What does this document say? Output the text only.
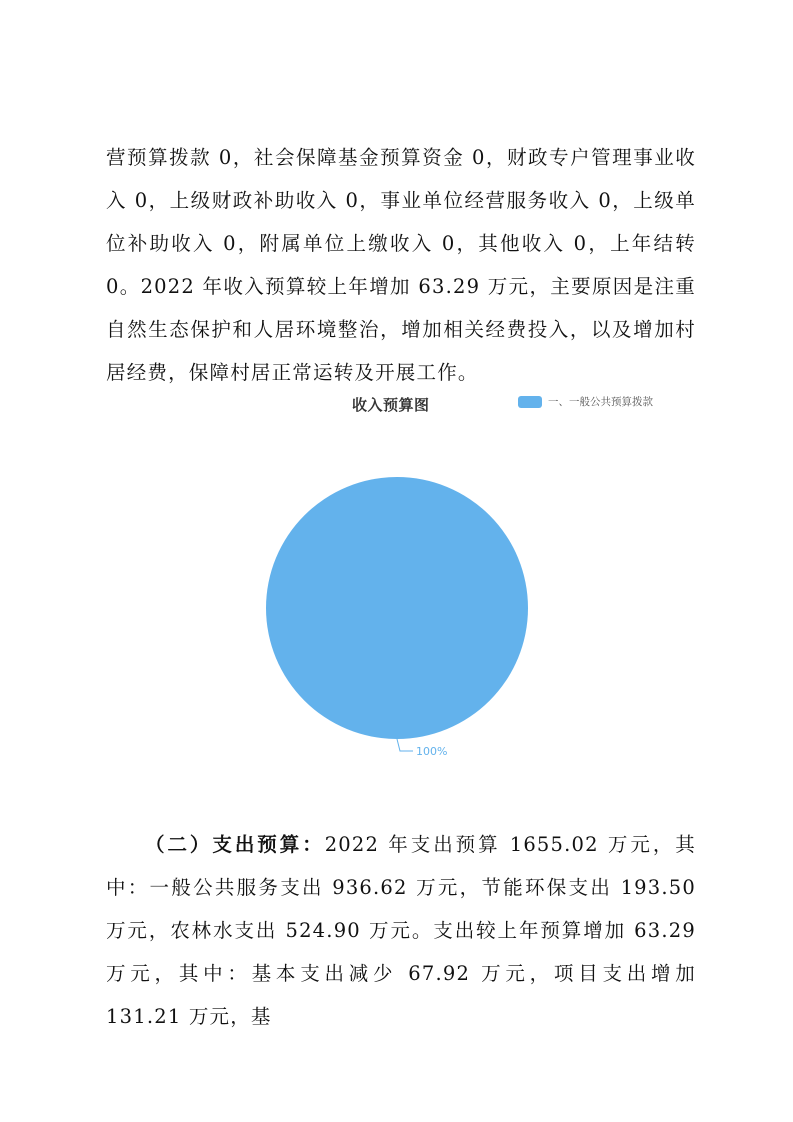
营预算拨款 0，社会保障基金预算资金 0，财政专户管理事业收入 0，上级财政补助收入 0，事业单位经营服务收入 0，上级单位补助收入 0，附属单位上缴收入 0，其他收入 0，上年结转 0。2022 年收入预算较上年增加 63.29 万元，主要原因是注重自然生态保护和人居环境整治，增加相关经费投入，以及增加村居经费，保障村居正常运转及开展工作。

收入预算图	一、一般公共预算拨款
100%

（二）支出预算：2022 年支出预算 1655.02 万元，其中：一般公共服务支出 936.62 万元，节能环保支出 193.50 万元，农林水支出 524.90 万元。支出较上年预算增加 63.29 万元，其中：基本支出减少 67.92 万元，项目支出增加 131.21 万元，基
